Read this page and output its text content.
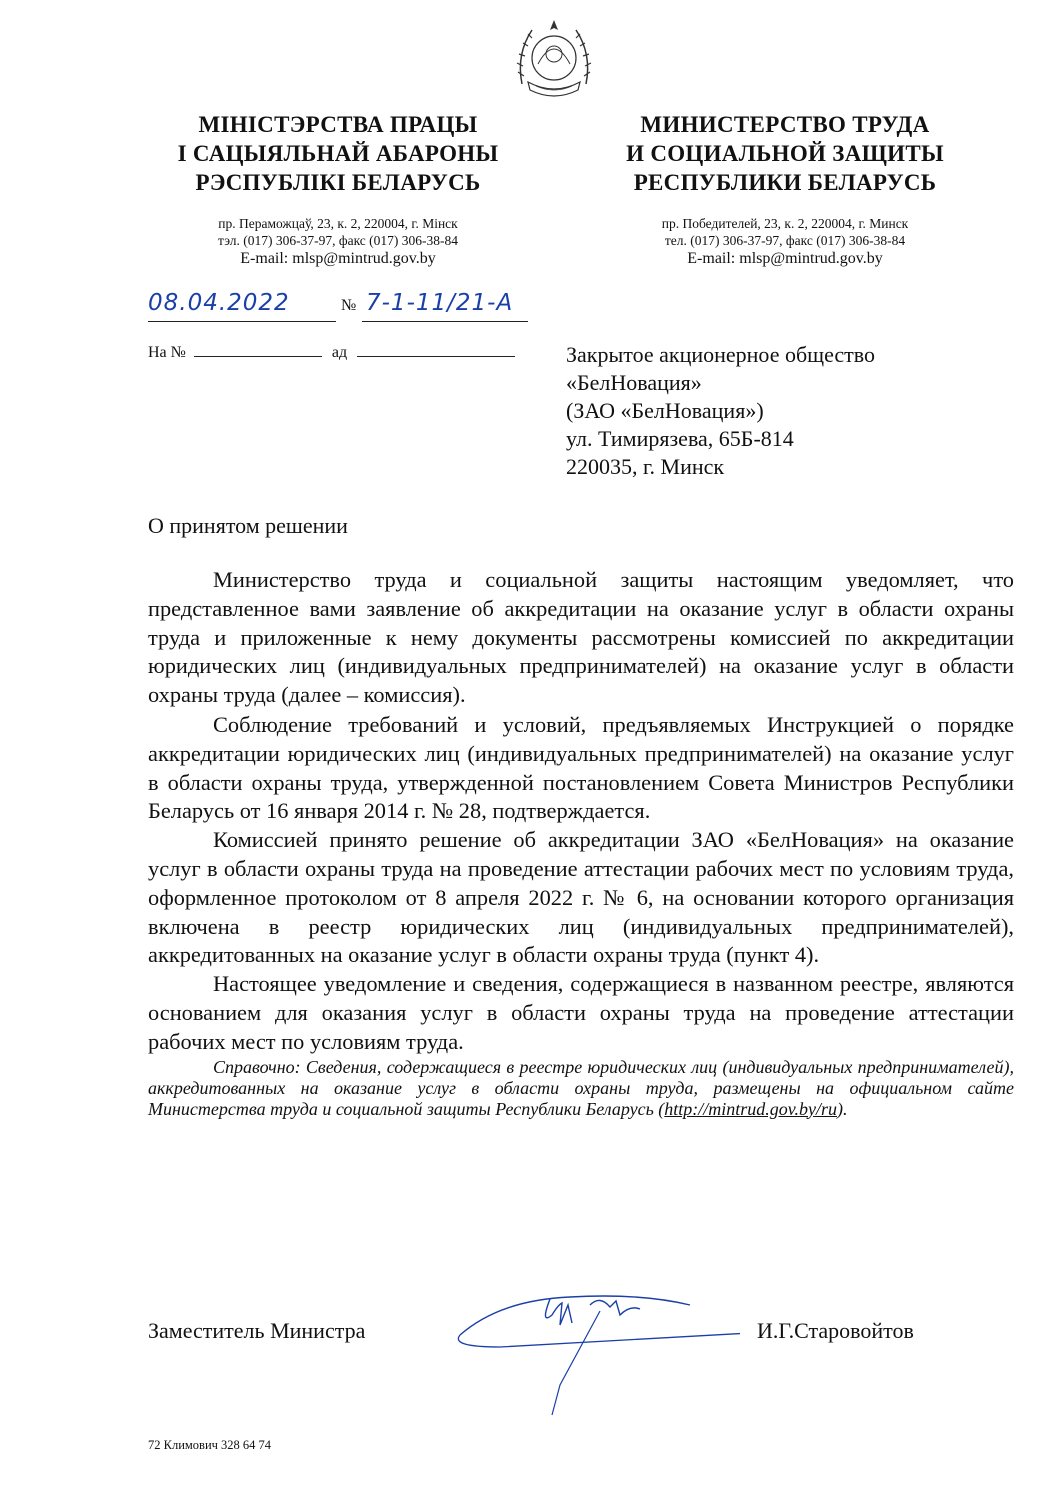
МІНІСТЭРСТВА ПРАЦЫ
І САЦЫЯЛЬНАЙ АБАРОНЫ
РЭСПУБЛІКІ БЕЛАРУСЬ
пр. Пераможцаў, 23, к. 2, 220004, г. Мінск
тэл. (017) 306-37-97, факс (017) 306-38-84
E-mail: mlsp@mintrud.gov.by
МИНИСТЕРСТВО ТРУДА
И СОЦИАЛЬНОЙ ЗАЩИТЫ
РЕСПУБЛИКИ БЕЛАРУСЬ
пр. Победителей, 23, к. 2, 220004, г. Минск
тел. (017) 306-37-97, факс (017) 306-38-84
E-mail: mlsp@mintrud.gov.by
08.04.2022	№ 7-1-11/21-А
На №	ад	Закрытое акционерное общество
«БелНовация»
(ЗАО «БелНовация»)
ул. Тимирязева, 65Б-814
220035, г. Минск
О принятом решении

Министерство труда и социальной защиты настоящим уведомляет, что представленное вами заявление об аккредитации на оказание услуг в области охраны труда и приложенные к нему документы рассмотрены комиссией по аккредитации юридических лиц (индивидуальных предпринимателей) на оказание услуг в области охраны труда (далее – комиссия).

Соблюдение требований и условий, предъявляемых Инструкцией о порядке аккредитации юридических лиц (индивидуальных предпринимателей) на оказание услуг в области охраны труда, утвержденной постановлением Совета Министров Республики Беларусь от 16 января 2014 г. № 28, подтверждается.

Комиссией принято решение об аккредитации ЗАО «БелНовация» на оказание услуг в области охраны труда на проведение аттестации рабочих мест по условиям труда, оформленное протоколом от 8 апреля 2022 г. № 6, на основании которого организация включена в реестр юридических лиц (индивидуальных предпринимателей), аккредитованных на оказание услуг в области охраны труда (пункт 4).

Настоящее уведомление и сведения, содержащиеся в названном реестре, являются основанием для оказания услуг в области охраны труда на проведение аттестации рабочих мест по условиям труда.

Справочно: Сведения, содержащиеся в реестре юридических лиц (индивидуальных предпринимателей), аккредитованных на оказание услуг в области охраны труда, размещены на официальном сайте Министерства труда и социальной защиты Республики Беларусь (http://mintrud.gov.by/ru).

Заместитель Министра	И.Г.Старовойтов
72 Климович 328 64 74
